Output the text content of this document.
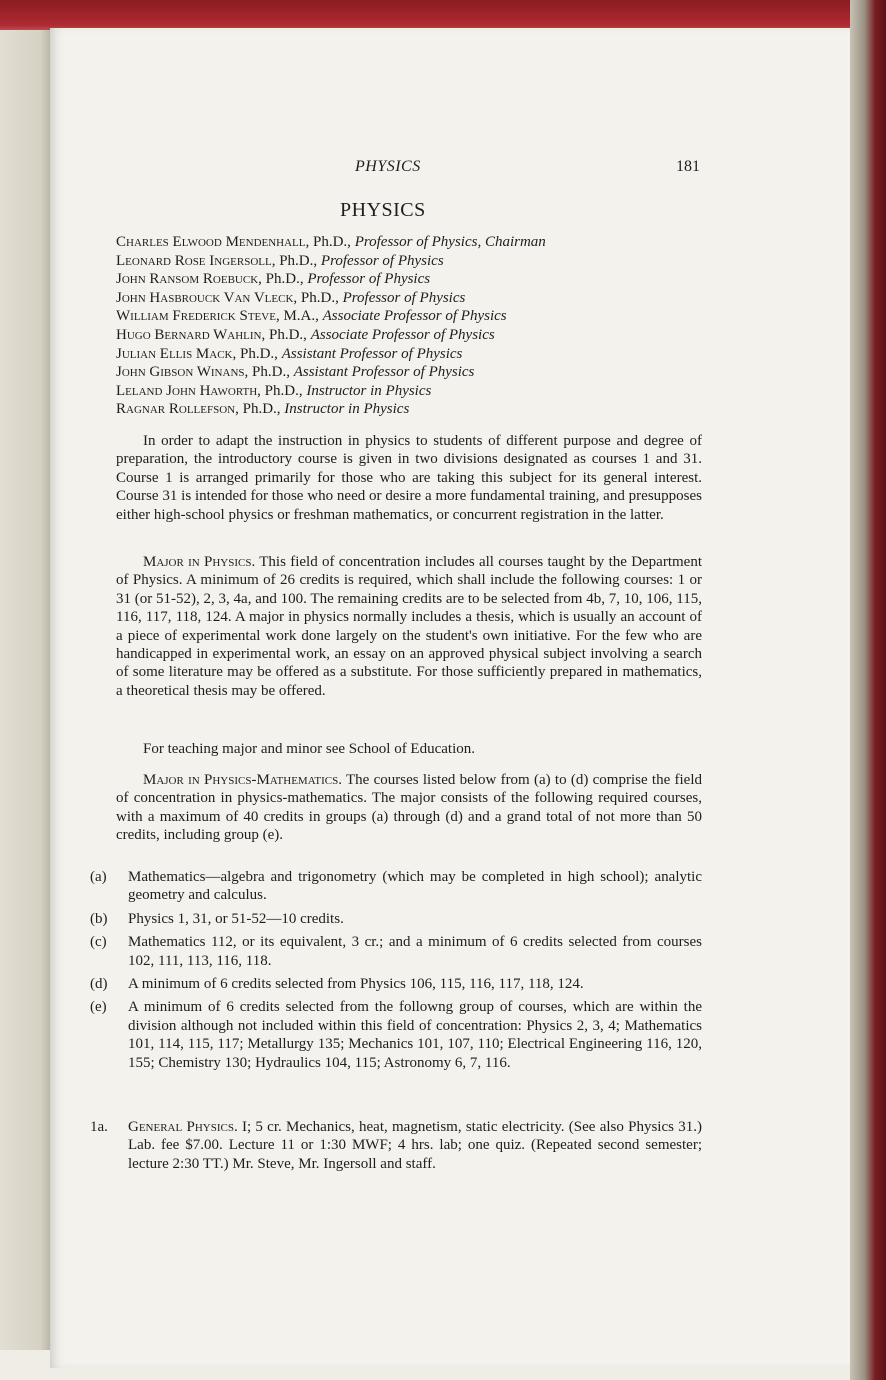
PHYSICS	181
PHYSICS
Charles Elwood Mendenhall, Ph.D., Professor of Physics, Chairman
Leonard Rose Ingersoll, Ph.D., Professor of Physics
John Ransom Roebuck, Ph.D., Professor of Physics
John Hasbrouck Van Vleck, Ph.D., Professor of Physics
William Frederick Steve, M.A., Associate Professor of Physics
Hugo Bernard Wahlin, Ph.D., Associate Professor of Physics
Julian Ellis Mack, Ph.D., Assistant Professor of Physics
John Gibson Winans, Ph.D., Assistant Professor of Physics
Leland John Haworth, Ph.D., Instructor in Physics
Ragnar Rollefson, Ph.D., Instructor in Physics
In order to adapt the instruction in physics to students of different purpose and degree of preparation, the introductory course is given in two divisions designated as courses 1 and 31. Course 1 is arranged primarily for those who are taking this subject for its general interest. Course 31 is intended for those who need or desire a more fundamental training, and presupposes either high-school physics or freshman mathematics, or concurrent registration in the latter.
Major in Physics. This field of concentration includes all courses taught by the Department of Physics. A minimum of 26 credits is required, which shall include the following courses: 1 or 31 (or 51-52), 2, 3, 4a, and 100. The remaining credits are to be selected from 4b, 7, 10, 106, 115, 116, 117, 118, 124. A major in physics normally includes a thesis, which is usually an account of a piece of experimental work done largely on the student's own initiative. For the few who are handicapped in experimental work, an essay on an approved physical subject involving a search of some literature may be offered as a substitute. For those sufficiently prepared in mathematics, a theoretical thesis may be offered.
For teaching major and minor see School of Education.
Major in Physics-Mathematics. The courses listed below from (a) to (d) comprise the field of concentration in physics-mathematics. The major consists of the following required courses, with a maximum of 40 credits in groups (a) through (d) and a grand total of not more than 50 credits, including group (e).
(a)	Mathematics—algebra and trigonometry (which may be completed in high school); analytic geometry and calculus.
(b)	Physics 1, 31, or 51-52—10 credits.
(c)	Mathematics 112, or its equivalent, 3 cr.; and a minimum of 6 credits selected from courses 102, 111, 113, 116, 118.
(d)	A minimum of 6 credits selected from Physics 106, 115, 116, 117, 118, 124.
(e)	A minimum of 6 credits selected from the followng group of courses, which are within the division although not included within this field of concentration: Physics 2, 3, 4; Mathematics 101, 114, 115, 117; Metallurgy 135; Mechanics 101, 107, 110; Electrical Engineering 116, 120, 155; Chemistry 130; Hydraulics 104, 115; Astronomy 6, 7, 116.
1a.	General Physics. I; 5 cr. Mechanics, heat, magnetism, static electricity. (See also Physics 31.) Lab. fee $7.00. Lecture 11 or 1:30 MWF; 4 hrs. lab; one quiz. (Repeated second semester; lecture 2:30 TT.) Mr. Steve, Mr. Ingersoll and staff.
